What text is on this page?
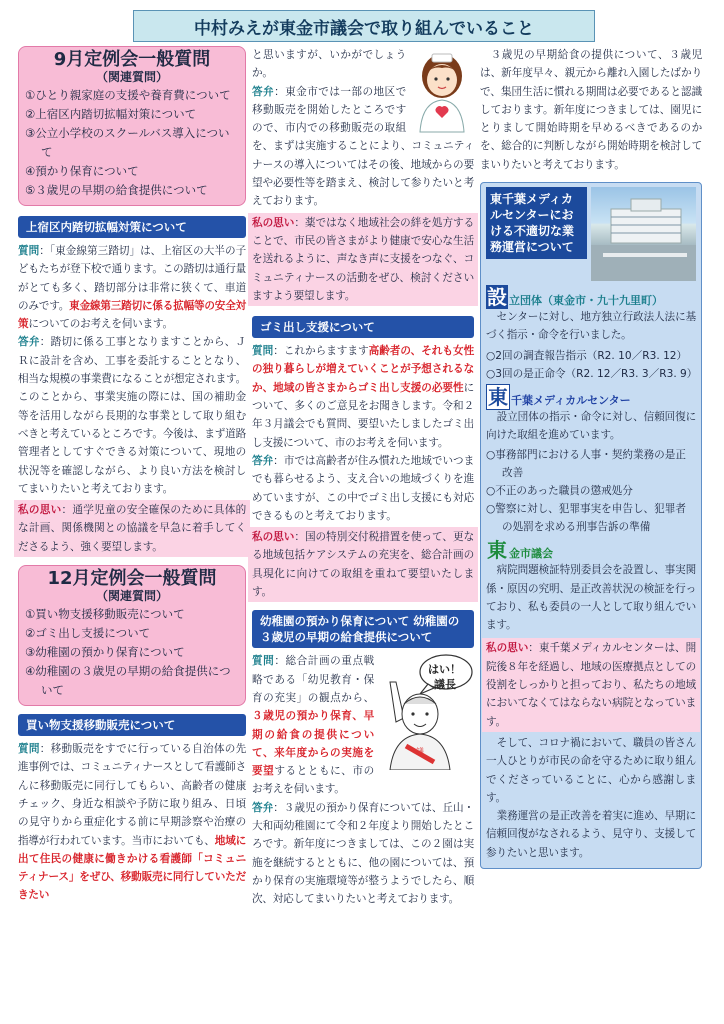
中村みえが東金市議会で取り組んでいること
9月定例会一般質問
（関連質問）
①ひとり親家庭の支援や養育費について
②上宿区内踏切拡幅対策について
③公立小学校のスクールバス導入について
④預かり保育について
⑤３歳児の早期の給食提供について
上宿区内踏切拡幅対策について

質問：「東金線第三踏切」は、上宿区の大半の子どもたちが登下校で通ります。この踏切は通行量がとても多く、踏切部分は非常に狭くて、車道のみです。東金線第三踏切に係る拡幅等の安全対策についてのお考えを伺います。

答弁：踏切に係る工事となりますことから、ＪＲに設計を含め、工事を委託することとなり、相当な規模の事業費になることが想定されます。このことから、事業実施の際には、国の補助金等を活用しながら長期的な事業として取り組むべきと考えているところです。今後は、まず道路管理者としてすぐできる対策について、現地の状況等を確認しながら、より良い方法を検討してまいりたいと考えております。

私の思い：通学児童の安全確保のために具体的な計画、関係機関との協議を早急に着手してくださるよう、強く要望します。

12月定例会一般質問
（関連質問）
①買い物支援移動販売について
②ゴミ出し支援について
③幼稚園の預かり保育について
④幼稚園の３歳児の早期の給食提供について
買い物支援移動販売について

質問：移動販売をすでに行っている自治体の先進事例では、コミュニティナースとして看護師さんに移動販売に同行してもらい、高齢者の健康チェック、身近な相談や予防に取り組み、日頃の見守りから重症化する前に早期診察や治療の指導が行われています。当市においても、地域に出て住民の健康に働きかける看護師「コミュニティナース」をぜひ、移動販売に同行していただきたい

と思いますが、いかがでしょうか。

答弁：東金市では一部の地区で移動販売を開始したところですので、市内での移動販売の取組を、まずは実施することにより、コミュニティナースの導入についてはその後、地域からの要望や必要性等を踏まえ、検討して参りたいと考えております。

私の思い：薬ではなく地域社会の絆を処方することで、市民の皆さまがより健康で安心な生活を送れるように、声なき声に支援をつなぐ、コミュニティナースの活動をぜひ、検討くださいますよう要望します。

ゴミ出し支援について

質問：これからますます高齢者の、それも女性の独り暮らしが増えていくことが予想されるなか、地域の皆さまからゴミ出し支援の必要性について、多くのご意見をお聞きします。令和２年３月議会でも質問、要望いたしましたゴミ出し支援について、市のお考えを伺います。

答弁：市では高齢者が住み慣れた地域でいつまでも暮らせるよう、支え合いの地域づくりを進めていますが、この中でゴミ出し支援にも対応できるものと考えております。

私の思い：国の特別交付税措置を使って、更なる地域包括ケアシステムの充実を、総合計画の具現化に向けての取組を重ねて要望いたします。

幼稚園の預かり保育について 幼稚園の３歳児の早期の給食提供について
はい！
議長
議

質問：総合計画の重点戦略である「幼児教育・保育の充実」の観点から、３歳児の預かり保育、早期の給食の提供について、来年度からの実施を要望するとともに、市のお考えを伺います。

答弁：３歳児の預かり保育については、丘山・大和両幼稚園にて令和２年度より開始したところです。新年度につきましては、この２園は実施を継続するとともに、他の園については、預かり保育の実施環境等が整うようでしたら、順次、対応してまいりたいと考えております。

３歳児の早期給食の提供について、３歳児は、新年度早々、親元から離れ入園したばかりで、集団生活に慣れる期間は必要であると認識しております。新年度につきましては、園児にとりまして開始時期を早めるべきであるのかを、総合的に判断しながら開始時期を検討してまいりたいと考えております。

東千葉メディカルセンターにおける不適切な業務運営について
設 立団体（東金市・九十九里町）

センターに対し、地方独立行政法人法に基づく指示・命令を行いました。

○2回の調査報告指示（R2. 10／R3. 12）
○3回の是正命令（R2. 12／R3. 3／R3. 9）
東 千葉メディカルセンター

設立団体の指示・命令に対し、信頼回復に向けた取組を進めています。

○事務部門における人事・契約業務の是正改善
○不正のあった職員の懲戒処分
○警察に対し、犯罪事実を申告し、犯罪者の処罰を求める刑事告訴の準備
東金市議会

病院問題検証特別委員会を設置し、事実関係・原因の究明、是正改善状況の検証を行っており、私も委員の一人として取り組んでいます。

私の思い：東千葉メディカルセンターは、開院後８年を経過し、地域の医療拠点としての役割をしっかりと担っており、私たちの地域においてなくてはならない病院となっています。

そして、コロナ禍において、職員の皆さん一人ひとりが市民の命を守るために取り組んでくださっていることに、心から感謝します。

業務運営の是正改善を着実に進め、早期に信頼回復がなされるよう、見守り、支援して参りたいと思います。
